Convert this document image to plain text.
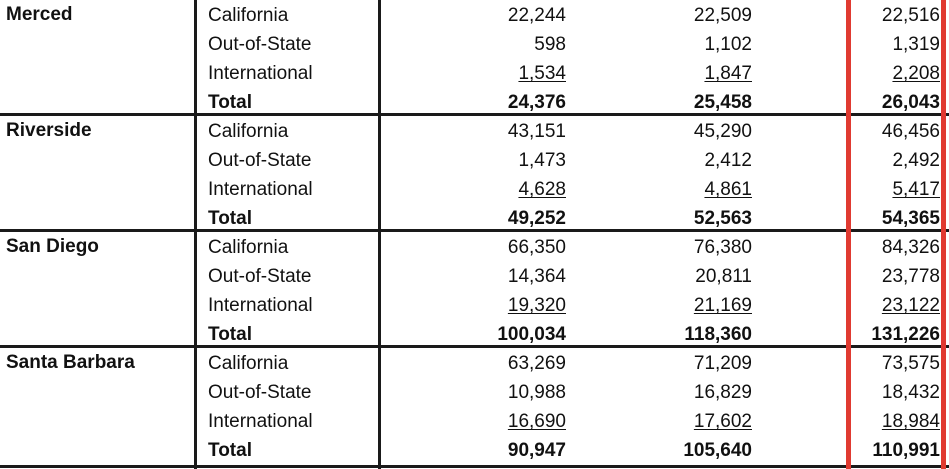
Merced	California	22,244	22,509	22,516
Out-of-State	598	1,102	1,319
International	1,534	1,847	2,208
Total	24,376	25,458	26,043
Riverside	California	43,151	45,290	46,456
Out-of-State	1,473	2,412	2,492
International	4,628	4,861	5,417
Total	49,252	52,563	54,365
San Diego	California	66,350	76,380	84,326
Out-of-State	14,364	20,811	23,778
International	19,320	21,169	23,122
Total	100,034	118,360	131,226
Santa Barbara	California	63,269	71,209	73,575
Out-of-State	10,988	16,829	18,432
International	16,690	17,602	18,984
Total	90,947	105,640	110,991
